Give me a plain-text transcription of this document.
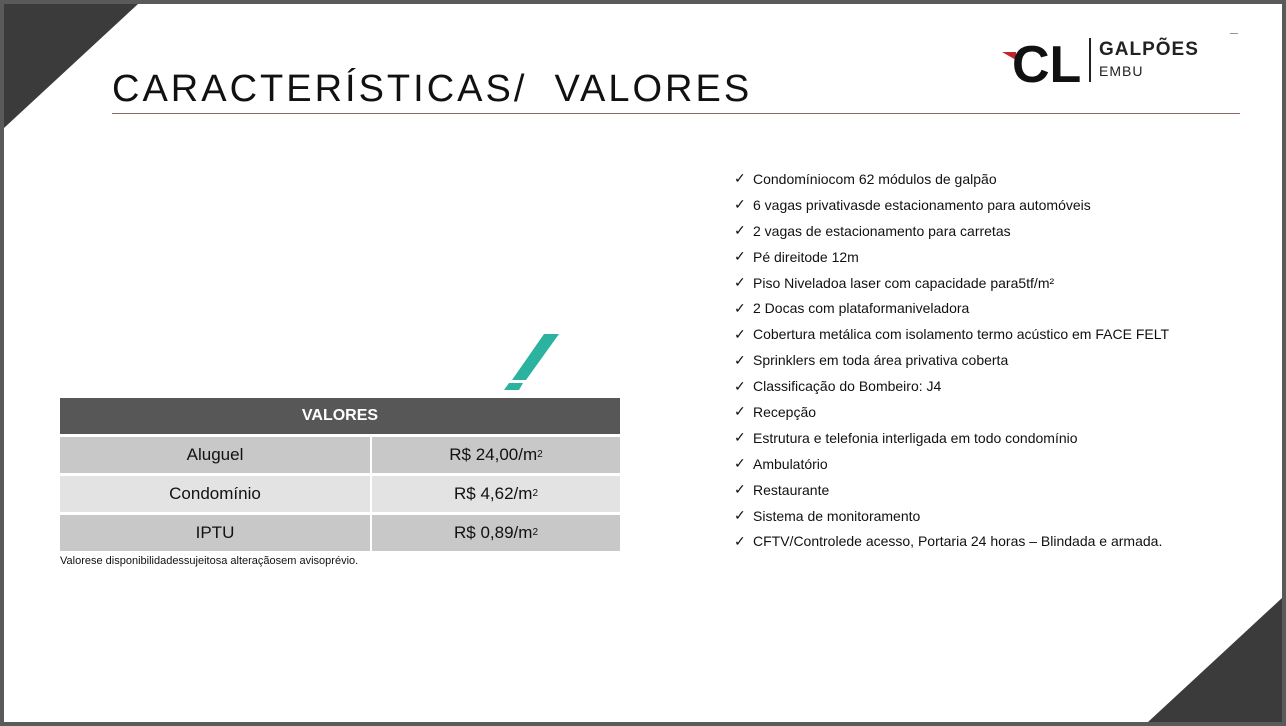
CARACTERÍSTICAS/  VALORES	CL GALPÕES
EMBU
VALORES
Aluguel	R$ 24,00/m 2
Condomínio	R$ 4,62/m 2
IPTU	R$ 0,89/m 2
Valorese disponibilidadessujeitosa alteraçãosem avisoprévio.
✓ Condomíniocom 62 módulos de galpão
✓ 6 vagas privativasde estacionamento para automóveis
✓ 2 vagas de estacionamento para carretas
✓ Pé direitode 12m
✓ Piso Niveladoa laser com capacidade para5tf/m²
✓ 2 Docas com plataformaniveladora
✓ Cobertura metálica com isolamento termo acústico em FACE FELT
✓ Sprinklers em toda área privativa coberta
✓ Classificação do Bombeiro: J4
✓ Recepção
✓ Estrutura e telefonia interligada em todo condomínio
✓ Ambulatório
✓ Restaurante
✓ Sistema de monitoramento
✓ CFTV/Controlede acesso, Portaria 24 horas – Blindada e armada.
